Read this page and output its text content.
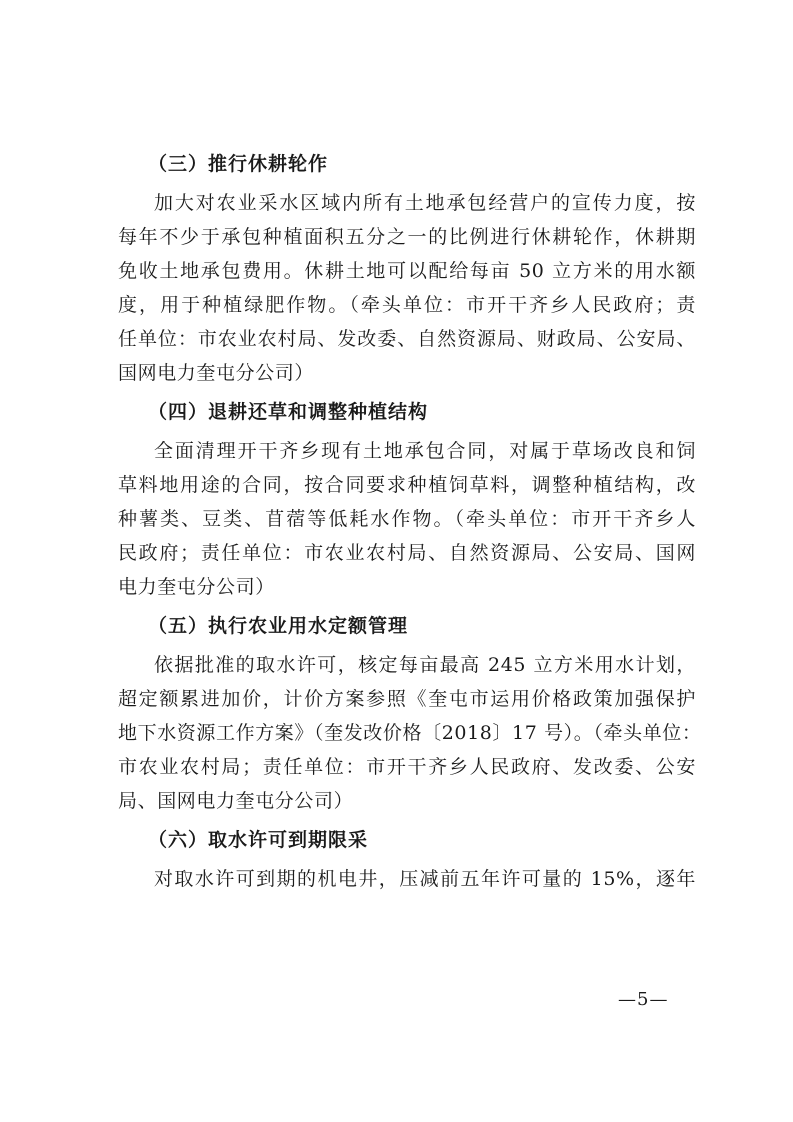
（三）推行休耕轮作

加大对农业采水区域内所有土地承包经营户的宣传力度，按
每年不少于承包种植面积五分之一的比例进行休耕轮作，休耕期
免收土地承包费用。休耕土地可以配给每亩 50 立方米的用水额
度，用于种植绿肥作物。（牵头单位：市开干齐乡人民政府；责
任单位：市农业农村局、发改委、自然资源局、财政局、公安局、
国网电力奎屯分公司）

（四）退耕还草和调整种植结构

全面清理开干齐乡现有土地承包合同，对属于草场改良和饲
草料地用途的合同，按合同要求种植饲草料，调整种植结构，改
种薯类、豆类、苜蓿等低耗水作物。（牵头单位：市开干齐乡人
民政府；责任单位：市农业农村局、自然资源局、公安局、国网
电力奎屯分公司）

（五）执行农业用水定额管理

依据批准的取水许可，核定每亩最高 245 立方米用水计划，
超定额累进加价，计价方案参照《奎屯市运用价格政策加强保护
地下水资源工作方案》（奎发改价格〔2018〕17 号）。（牵头单位：
市农业农村局；责任单位：市开干齐乡人民政府、发改委、公安
局、国网电力奎屯分公司）

（六）取水许可到期限采

对取水许可到期的机电井，压减前五年许可量的 15%，逐年

—5—
